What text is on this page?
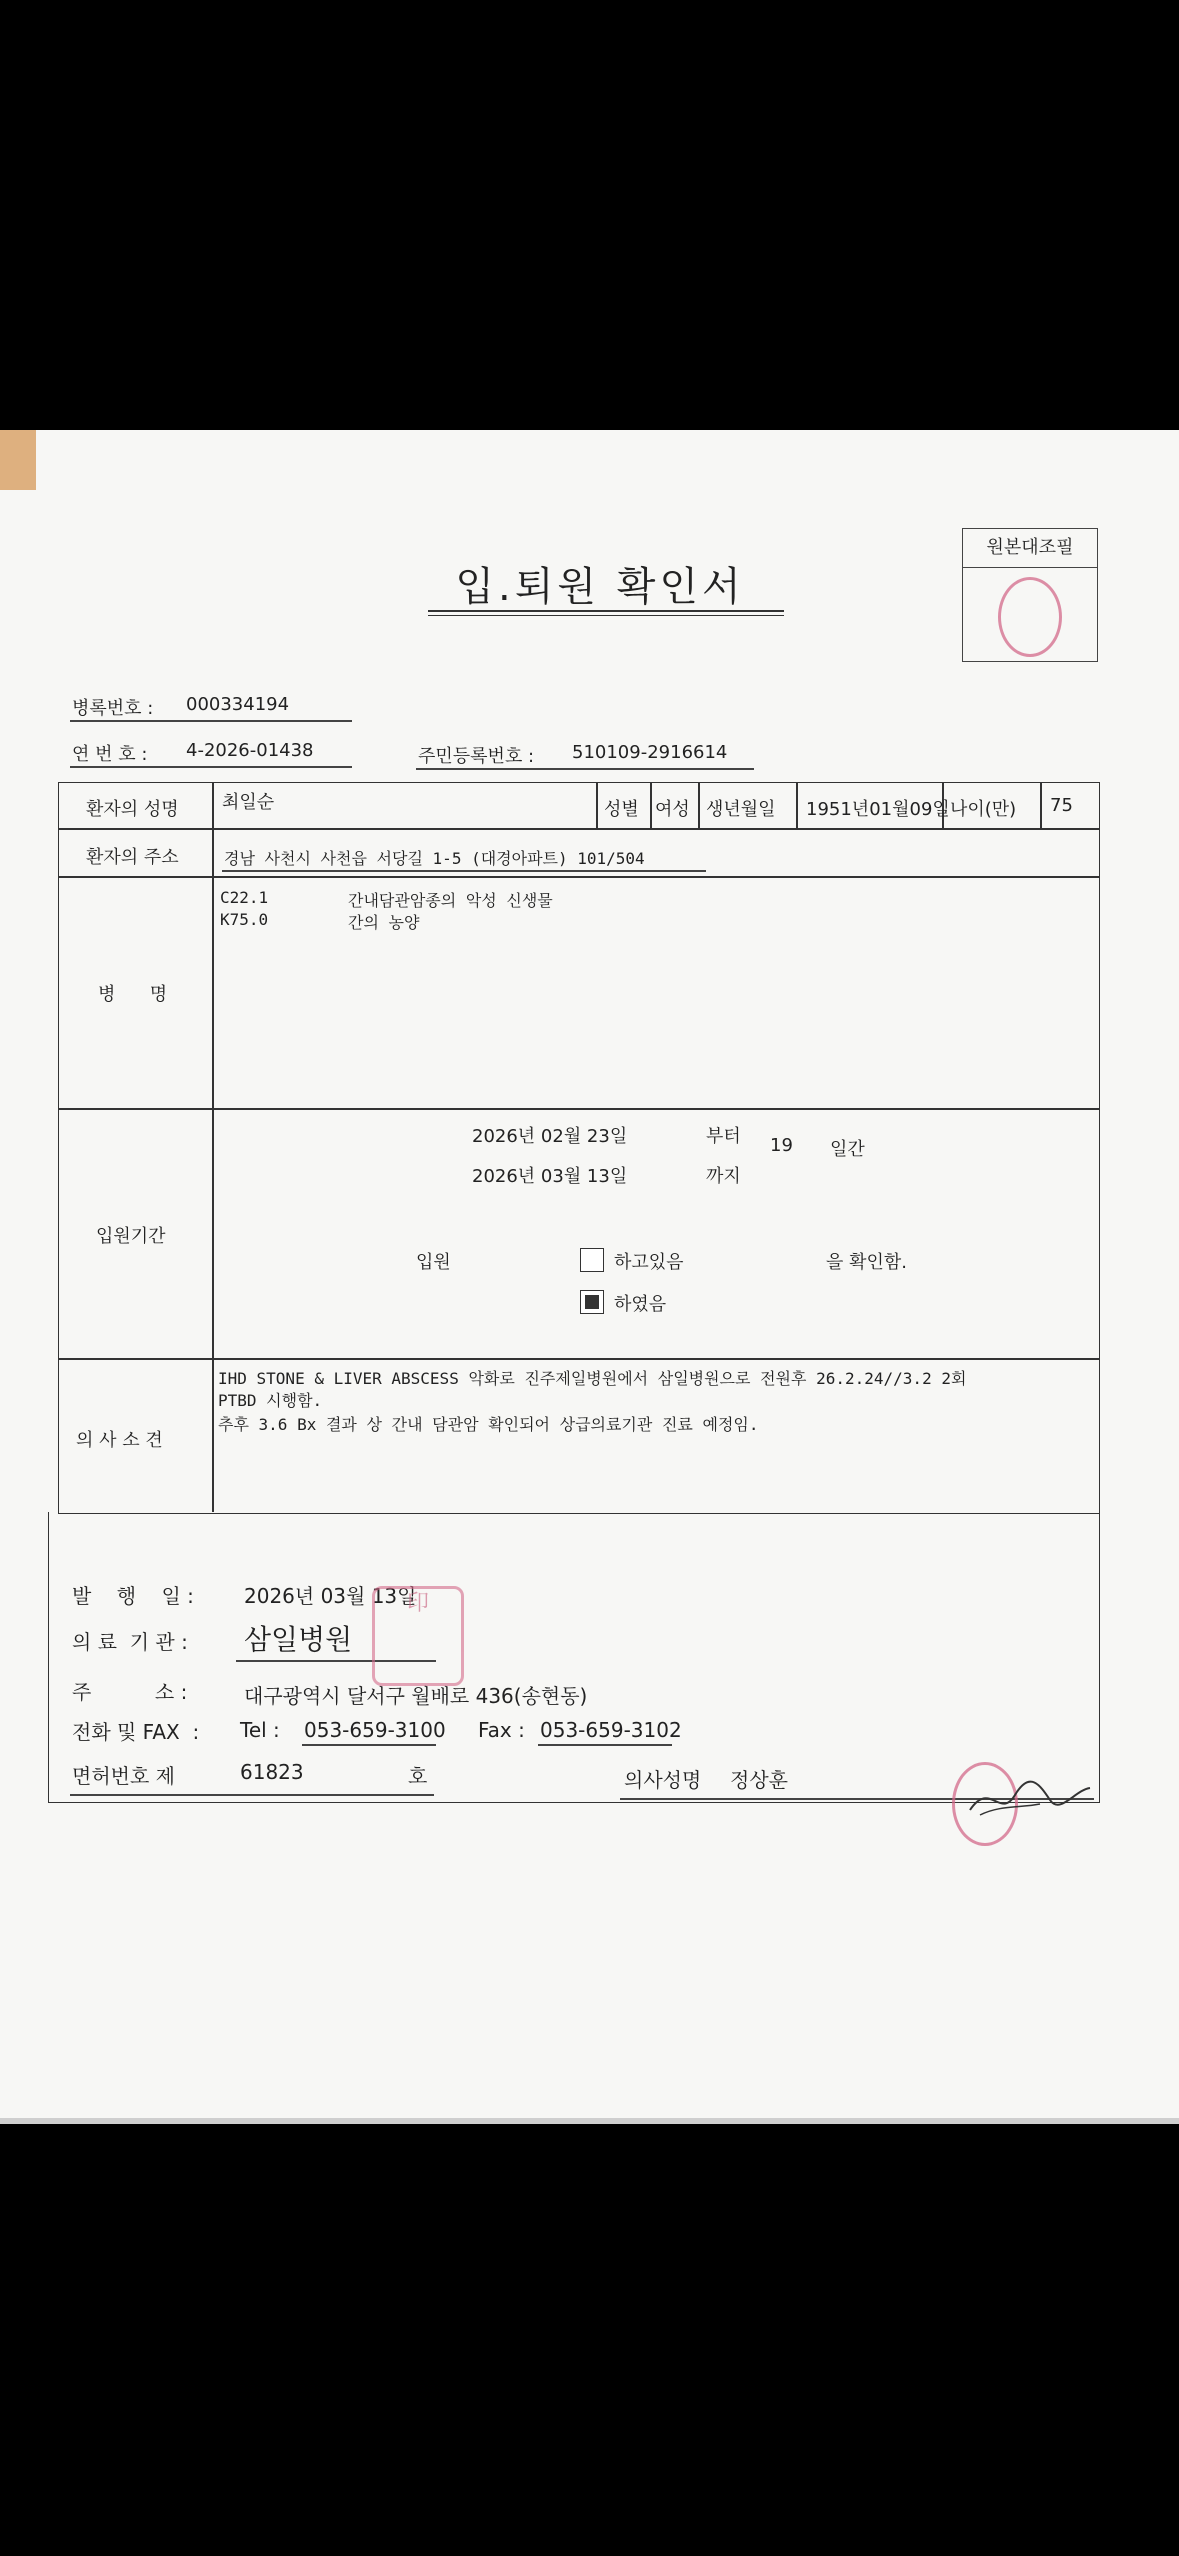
입.퇴원 확인서
원본대조필
병록번호 : 000334194
연 번 호 : 4-2026-01438	주민등록번호 : 510109-2916614
환자의 성명 최일순	성별 여성 생년월일 1951년01월09일 나이(만) 75
환자의 주소	경남 사천시 사천읍 서당길 1-5 (대경아파트) 101/504
병      명
C22.1	간내담관암종의 악성 신생물
K75.0	간의 농양
입원기간
2026년 02월 23일	부터 19 일간
2026년 03월 13일	까지
입원	하고있음	을 확인함.
하였음
의 사 소 견
IHD STONE & LIVER ABSCESS 악화로 진주제일병원에서 삼일병원으로 전원후 26.2.24//3.2 2회
PTBD 시행함.
추후 3.6 Bx 결과 상 간내 담관암 확인되어 상급의료기관 진료 예정임.
발    행    일 :	2026년 03월 13일
의 료  기 관 : 삼일병원
印
주          소 :	대구광역시 달서구 월배로 436(송현동)
전화 및 FAX  : Tel : 053-659-3100 Fax : 053-659-3102
면허번호 제	61823	호	의사성명 정상훈
